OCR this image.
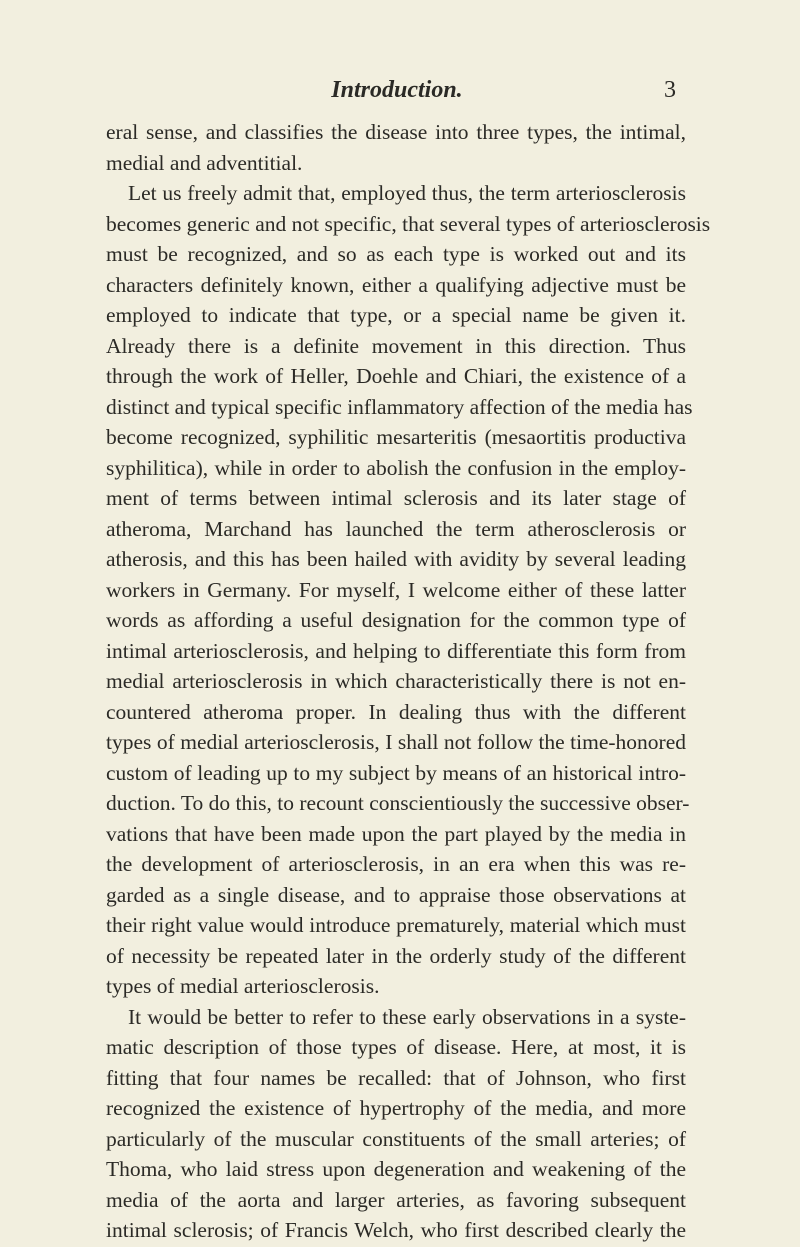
Introduction.	3
eral sense, and classifies the disease into three types, the intimal,
medial and adventitial.
Let us freely admit that, employed thus, the term arteriosclerosis
becomes generic and not specific, that several types of arteriosclerosis
must be recognized, and so as each type is worked out and its
characters definitely known, either a qualifying adjective must be
employed to indicate that type, or a special name be given it.
Already there is a definite movement in this direction. Thus
through the work of Heller, Doehle and Chiari, the existence of a
distinct and typical specific inflammatory affection of the media has
become recognized, syphilitic mesarteritis (mesaortitis productiva
syphilitica), while in order to abolish the confusion in the employ-
ment of terms between intimal sclerosis and its later stage of
atheroma, Marchand has launched the term atherosclerosis or
atherosis, and this has been hailed with avidity by several leading
workers in Germany. For myself, I welcome either of these latter
words as affording a useful designation for the common type of
intimal arteriosclerosis, and helping to differentiate this form from
medial arteriosclerosis in which characteristically there is not en-
countered atheroma proper. In dealing thus with the different
types of medial arteriosclerosis, I shall not follow the time-honored
custom of leading up to my subject by means of an historical intro-
duction. To do this, to recount conscientiously the successive obser-
vations that have been made upon the part played by the media in
the development of arteriosclerosis, in an era when this was re-
garded as a single disease, and to appraise those observations at
their right value would introduce prematurely, material which must
of necessity be repeated later in the orderly study of the different
types of medial arteriosclerosis.
It would be better to refer to these early observations in a syste-
matic description of those types of disease. Here, at most, it is
fitting that four names be recalled: that of Johnson, who first
recognized the existence of hypertrophy of the media, and more
particularly of the muscular constituents of the small arteries; of
Thoma, who laid stress upon degeneration and weakening of the
media of the aorta and larger arteries, as favoring subsequent
intimal sclerosis; of Francis Welch, who first described clearly the
